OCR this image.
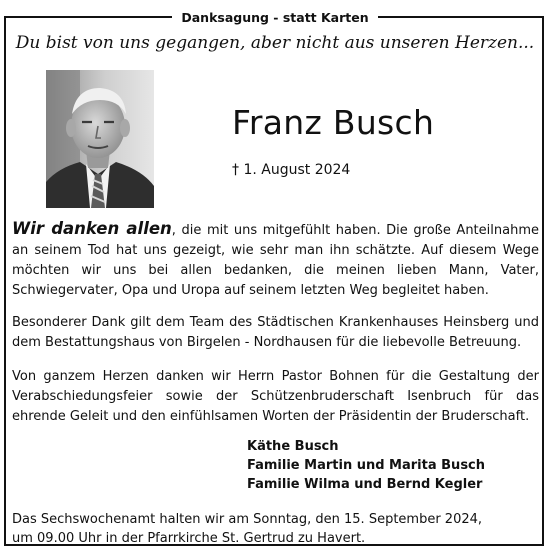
Danksagung - statt Karten
Du bist von uns gegangen, aber nicht aus unseren Herzen...
Franz Busch
† 1. August 2024
Wir danken allen, die mit uns mitgefühlt haben. Die große Anteilnahme an seinem Tod hat uns gezeigt, wie sehr man ihn schätzte. Auf diesem Wege möchten wir uns bei allen bedanken, die meinen lieben Mann, Vater, Schwiegervater, Opa und Uropa auf seinem letzten Weg begleitet haben.
Besonderer Dank gilt dem Team des Städtischen Krankenhauses Heinsberg und dem Bestattungshaus von Birgelen - Nordhausen für die liebevolle Betreuung.
Von ganzem Herzen danken wir Herrn Pastor Bohnen für die Gestaltung der Verabschiedungsfeier sowie der Schützenbruderschaft Isenbruch für das ehrende Geleit und den einfühlsamen Worten der Präsidentin der Bruderschaft.
Käthe Busch
Familie Martin und Marita Busch
Familie Wilma und Bernd Kegler
Das Sechswochenamt halten wir am Sonntag, den 15. September 2024,
um 09.00 Uhr in der Pfarrkirche St. Gertrud zu Havert.
